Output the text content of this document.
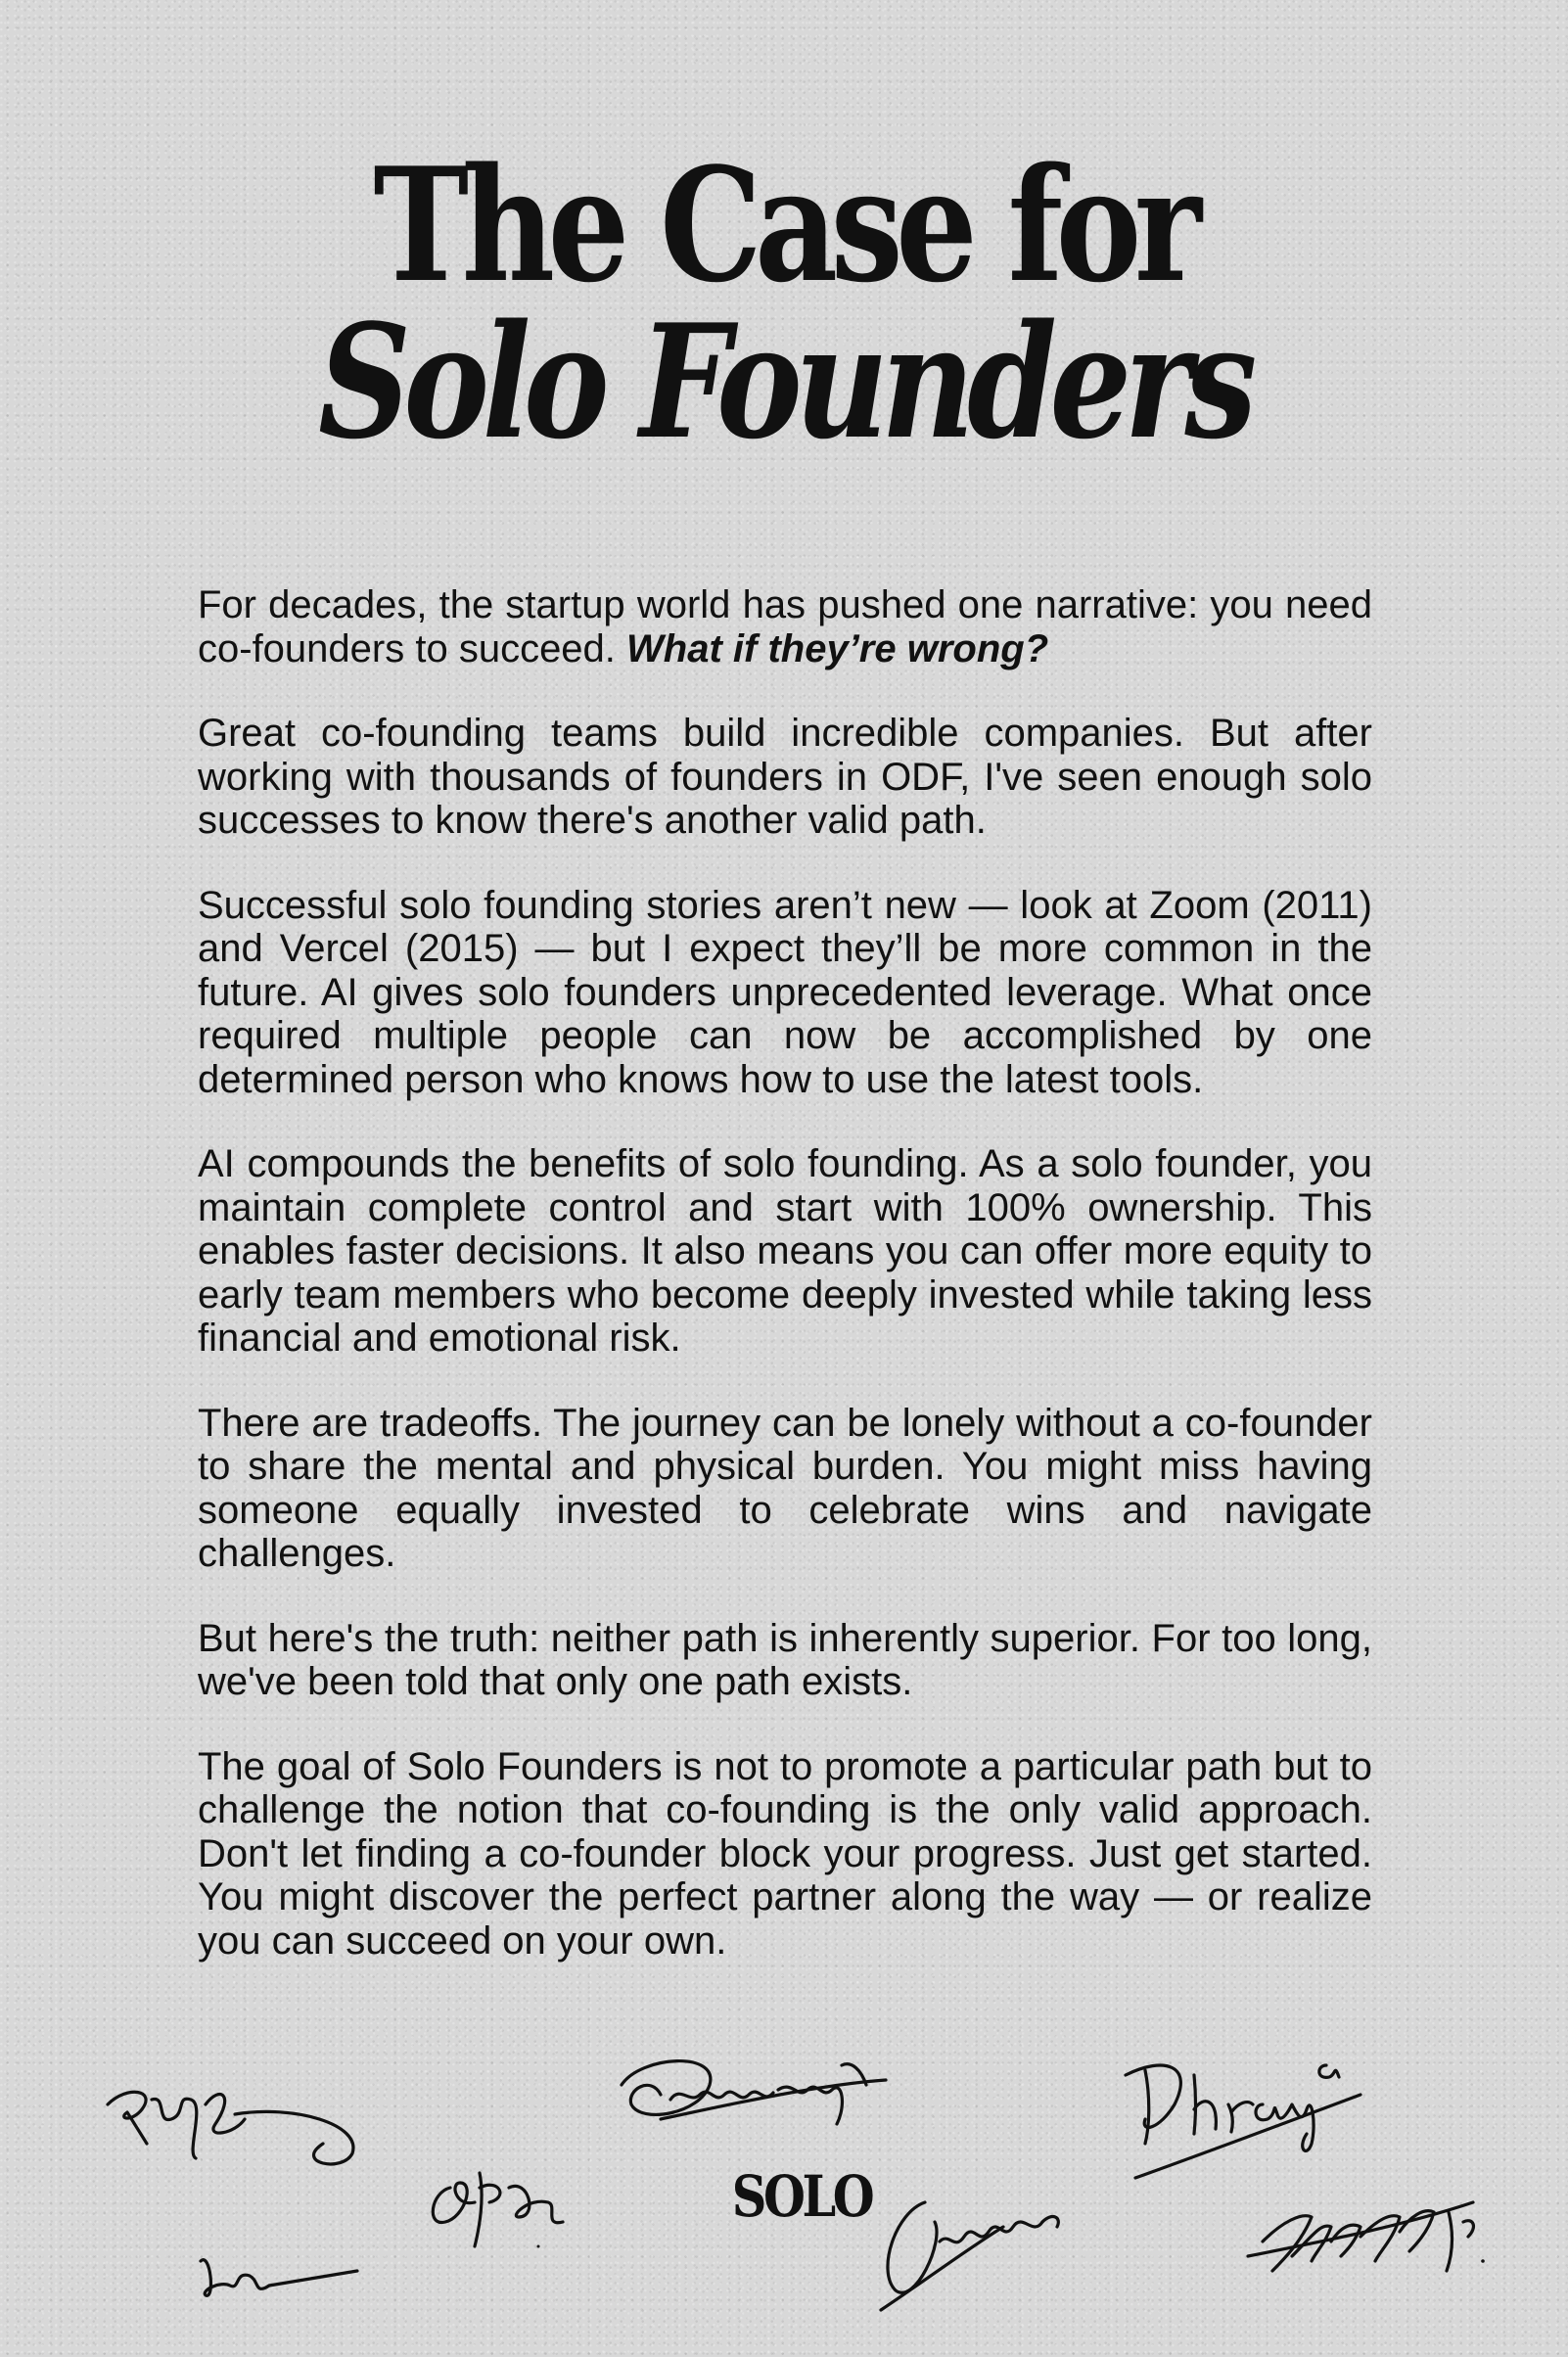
The Case for
Solo Founders

For decades, the startup world has pushed one narrative: you need co-founders to succeed. What if they’re wrong?

Great co-founding teams build incredible companies. But after working with thousands of founders in ODF, I've seen enough solo successes to know there's another valid path.

Successful solo founding stories aren’t new — look at Zoom (2011) and Vercel (2015) — but I expect they’ll be more common in the future. AI gives solo founders unprecedented leverage. What once required multiple people can now be accomplished by one determined person who knows how to use the latest tools.

AI compounds the benefits of solo founding. As a solo founder, you maintain complete control and start with 100% ownership. This enables faster decisions. It also means you can offer more equity to early team members who become deeply invested while taking less financial and emotional risk.

There are tradeoffs. The journey can be lonely without a co-founder to share the mental and physical burden. You might miss having someone equally invested to celebrate wins and navigate challenges.

But here's the truth: neither path is inherently superior. For too long, we've been told that only one path exists.

The goal of Solo Founders is not to promote a particular path but to challenge the notion that co-founding is the only valid approach. Don't let finding a co-founder block your progress. Just get started. You might discover the perfect partner along the way — or realize you can succeed on your own.

SOLO
